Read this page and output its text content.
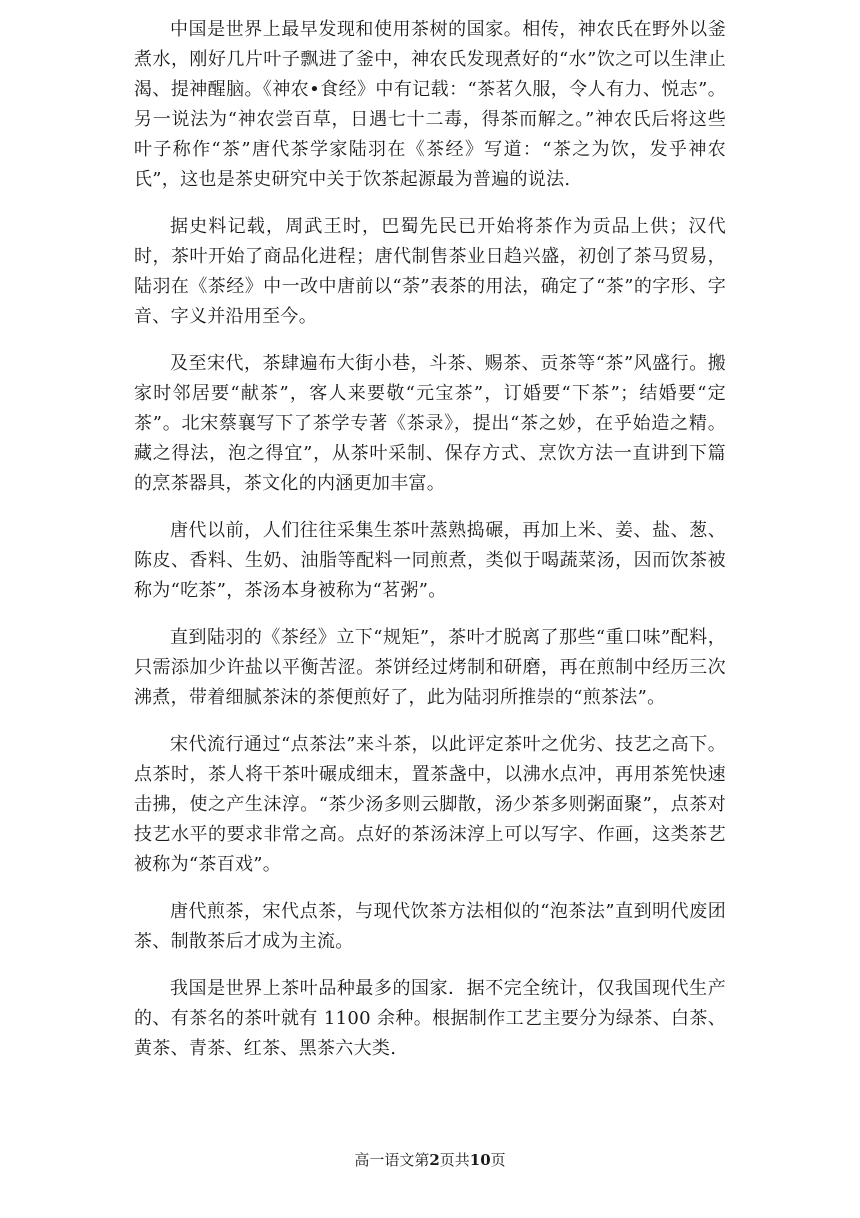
中国是世界上最早发现和使用茶树的国家。相传，神农氏在野外以釜煮水，刚好几片叶子飘进了釜中，神农氏发现煮好的“水”饮之可以生津止渴、提神醒脑。《神农•食经》中有记载：“茶茗久服，令人有力、悦志”。另一说法为“神农尝百草，日遇七十二毒，得茶而解之。”神农氏后将这些叶子称作“茶”唐代茶学家陆羽在《茶经》写道：“茶之为饮，发乎神农氏”，这也是茶史研究中关于饮茶起源最为普遍的说法.

据史料记载，周武王时，巴蜀先民已开始将茶作为贡品上供；汉代时，茶叶开始了商品化进程；唐代制售茶业日趋兴盛，初创了茶马贸易，陆羽在《茶经》中一改中唐前以“荼”表茶的用法，确定了“茶”的字形、字音、字义并沿用至今。

及至宋代，茶肆遍布大街小巷，斗茶、赐茶、贡茶等“茶”风盛行。搬家时邻居要“献茶”，客人来要敬“元宝茶”，订婚要“下茶”；结婚要“定茶”。北宋蔡襄写下了茶学专著《茶录》，提出“茶之妙，在乎始造之精。藏之得法，泡之得宜”，从茶叶采制、保存方式、烹饮方法一直讲到下篇的烹茶器具，茶文化的内涵更加丰富。

唐代以前，人们往往采集生茶叶蒸熟捣碾，再加上米、姜、盐、葱、陈皮、香料、生奶、油脂等配料一同煎煮，类似于喝蔬菜汤，因而饮茶被称为“吃茶”，茶汤本身被称为“茗粥”。

直到陆羽的《茶经》立下“规矩”，茶叶才脱离了那些“重口味”配料，只需添加少许盐以平衡苦涩。茶饼经过烤制和研磨，再在煎制中经历三次沸煮，带着细腻茶沫的茶便煎好了，此为陆羽所推崇的“煎茶法”。

宋代流行通过“点茶法”来斗茶，以此评定茶叶之优劣、技艺之高下。点茶时，茶人将干茶叶碾成细末，置茶盏中，以沸水点冲，再用茶筅快速击拂，使之产生沫淳。“茶少汤多则云脚散，汤少茶多则粥面聚”，点茶对技艺水平的要求非常之高。点好的茶汤沫淳上可以写字、作画，这类茶艺被称为“茶百戏”。

唐代煎茶，宋代点茶，与现代饮茶方法相似的“泡茶法”直到明代废团茶、制散茶后才成为主流。

我国是世界上茶叶品种最多的国家．据不完全统计，仅我国现代生产的、有茶名的茶叶就有 1100 余种。根据制作工艺主要分为绿茶、白茶、黄茶、青茶、红茶、黑茶六大类.

高一语文第2页共10页
